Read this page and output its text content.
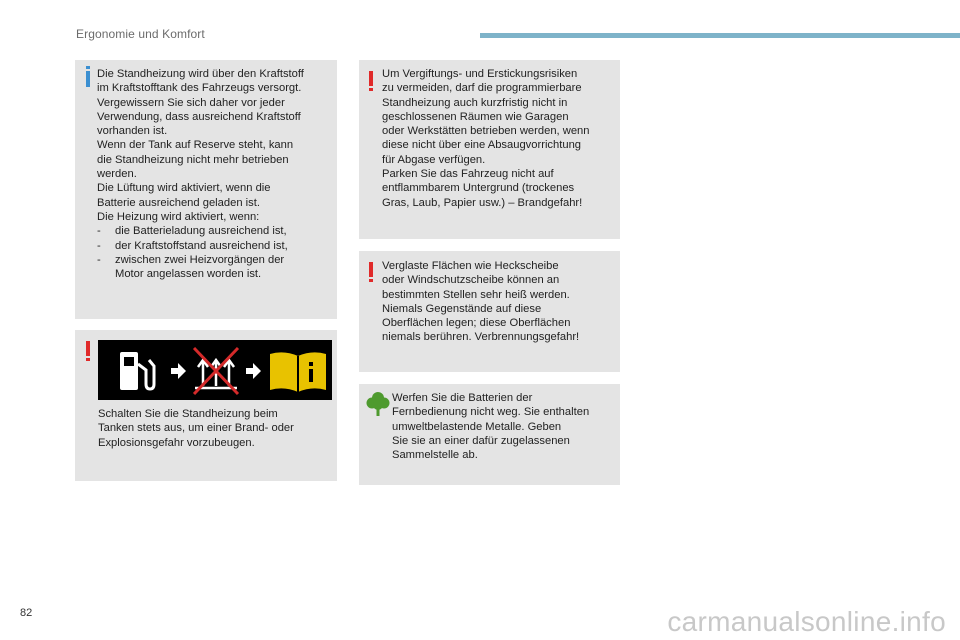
Ergonomie und Komfort

Die Standheizung wird über den Kraftstoff

im Kraftstofftank des Fahrzeugs versorgt.

Vergewissern Sie sich daher vor jeder

Verwendung, dass ausreichend Kraftstoff

vorhanden ist.

Wenn der Tank auf Reserve steht, kann

die Standheizung nicht mehr betrieben

werden.

Die Lüftung wird aktiviert, wenn die

Batterie ausreichend geladen ist.

Die Heizung wird aktiviert, wenn:

- die Batterieladung ausreichend ist,
- der Kraftstoffstand ausreichend ist,
- zwischen zwei Heizvorgängen der
Motor angelassen worden ist.

Schalten Sie die Standheizung beim

Tanken stets aus, um einer Brand- oder

Explosionsgefahr vorzubeugen.

Um Vergiftungs- und Erstickungsrisiken

zu vermeiden, darf die programmierbare

Standheizung auch kurzfristig nicht in

geschlossenen Räumen wie Garagen

oder Werkstätten betrieben werden, wenn

diese nicht über eine Absaugvorrichtung

für Abgase verfügen.

Parken Sie das Fahrzeug nicht auf

entflammbarem Untergrund (trockenes

Gras, Laub, Papier usw.) – Brandgefahr!

Verglaste Flächen wie Heckscheibe

oder Windschutzscheibe können an

bestimmten Stellen sehr heiß werden.

Niemals Gegenstände auf diese

Oberflächen legen; diese Oberflächen

niemals berühren. Verbrennungsgefahr!

Werfen Sie die Batterien der

Fernbedienung nicht weg. Sie enthalten

umweltbelastende Metalle. Geben

Sie sie an einer dafür zugelassenen

Sammelstelle ab.

82	carmanualsonline.info
